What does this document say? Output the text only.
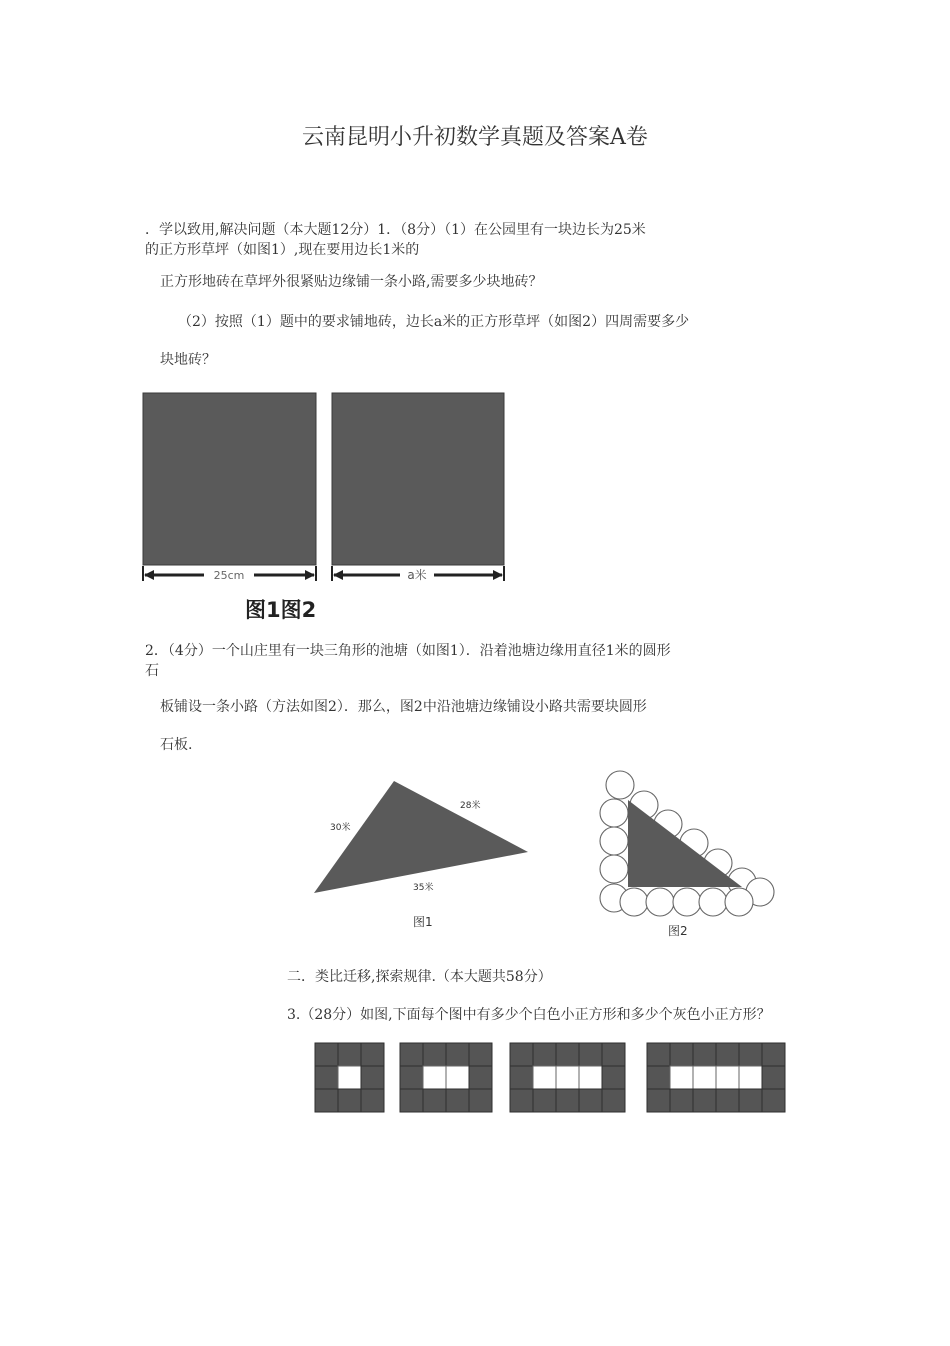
云南昆明小升初数学真题及答案A卷
．学以致用,解决问题（本大题12分）1．（8分）（1）在公园里有一块边长为25米
的正方形草坪（如图1）,现在要用边长1米的
正方形地砖在草坪外很紧贴边缘铺一条小路,需要多少块地砖？
（2）按照（1）题中的要求铺地砖，边长a米的正方形草坪（如图2）四周需要多少
块地砖？
25cm	a米
图1图2
2．（4分）一个山庄里有一块三角形的池塘（如图1）．沿着池塘边缘用直径1米的圆形
石
板铺设一条小路（方法如图2）．那么，图2中沿池塘边缘铺设小路共需要块圆形
石板.
30米
28米
35米
图1
图2
二．类比迁移,探索规律.（本大题共58分）
3.（28分）如图,下面每个图中有多少个白色小正方形和多少个灰色小正方形？
